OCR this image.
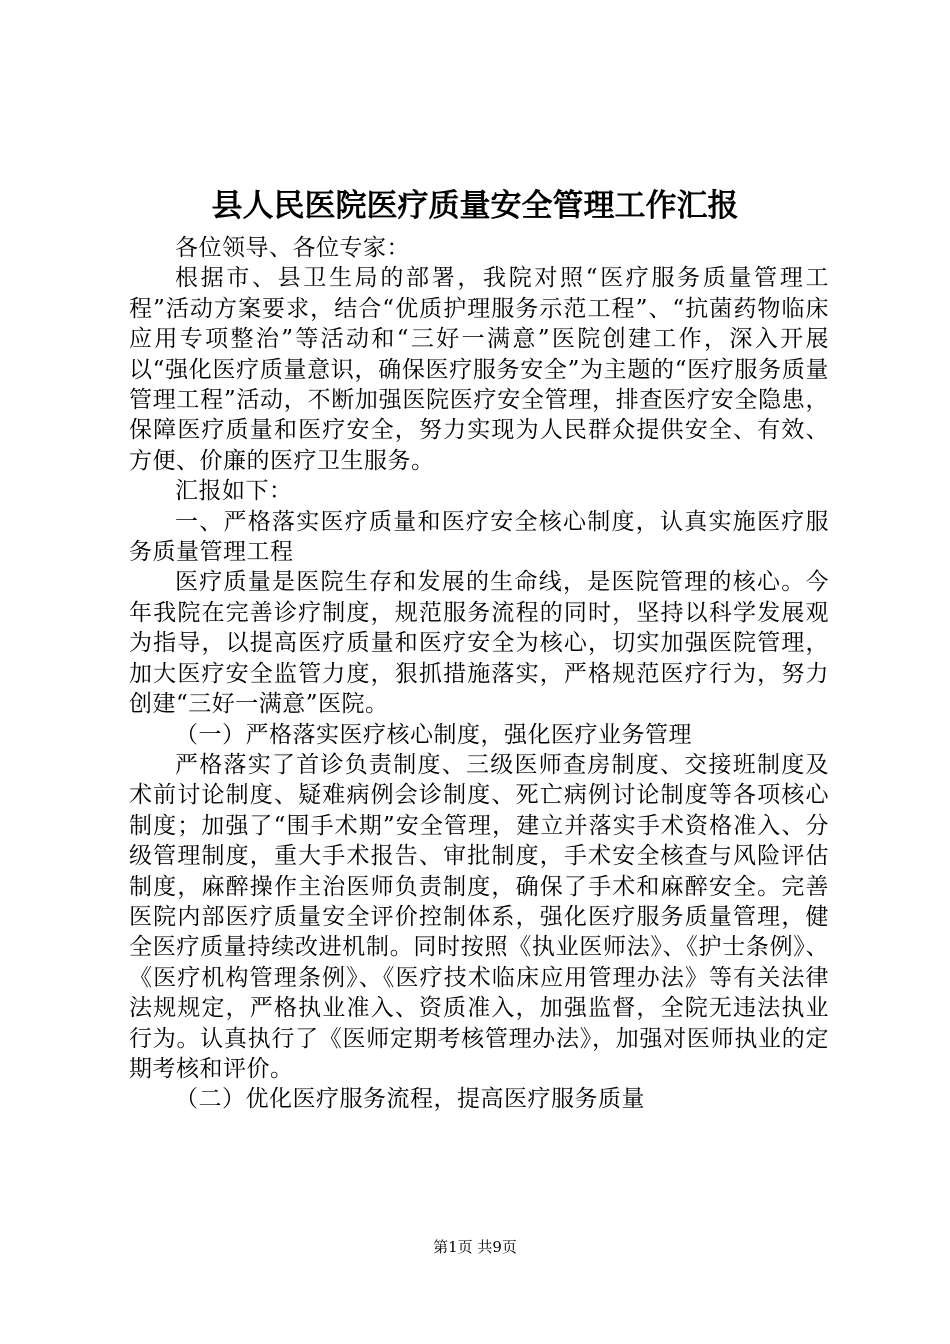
县人民医院医疗质量安全管理工作汇报

各位领导、各位专家：

根据市、县卫生局的部署，我院对照“医疗服务质量管理工程”活动方案要求，结合“优质护理服务示范工程”、“抗菌药物临床应用专项整治”等活动和“三好一满意”医院创建工作，深入开展以“强化医疗质量意识，确保医疗服务安全”为主题的“医疗服务质量管理工程”活动，不断加强医院医疗安全管理，排查医疗安全隐患，保障医疗质量和医疗安全，努力实现为人民群众提供安全、有效、方便、价廉的医疗卫生服务。

汇报如下：

一、严格落实医疗质量和医疗安全核心制度，认真实施医疗服务质量管理工程

医疗质量是医院生存和发展的生命线，是医院管理的核心。今年我院在完善诊疗制度，规范服务流程的同时，坚持以科学发展观为指导，以提高医疗质量和医疗安全为核心，切实加强医院管理，加大医疗安全监管力度，狠抓措施落实，严格规范医疗行为，努力创建“三好一满意”医院。

（一）严格落实医疗核心制度，强化医疗业务管理

严格落实了首诊负责制度、三级医师查房制度、交接班制度及术前讨论制度、疑难病例会诊制度、死亡病例讨论制度等各项核心制度；加强了“围手术期”安全管理，建立并落实手术资格准入、分级管理制度，重大手术报告、审批制度，手术安全核查与风险评估制度，麻醉操作主治医师负责制度，确保了手术和麻醉安全。完善医院内部医疗质量安全评价控制体系，强化医疗服务质量管理，健全医疗质量持续改进机制。同时按照《执业医师法》、《护士条例》、《医疗机构管理条例》、《医疗技术临床应用管理办法》等有关法律法规规定，严格执业准入、资质准入，加强监督，全院无违法执业行为。认真执行了《医师定期考核管理办法》，加强对医师执业的定期考核和评价。

（二）优化医疗服务流程，提高医疗服务质量

第1页 共9页
